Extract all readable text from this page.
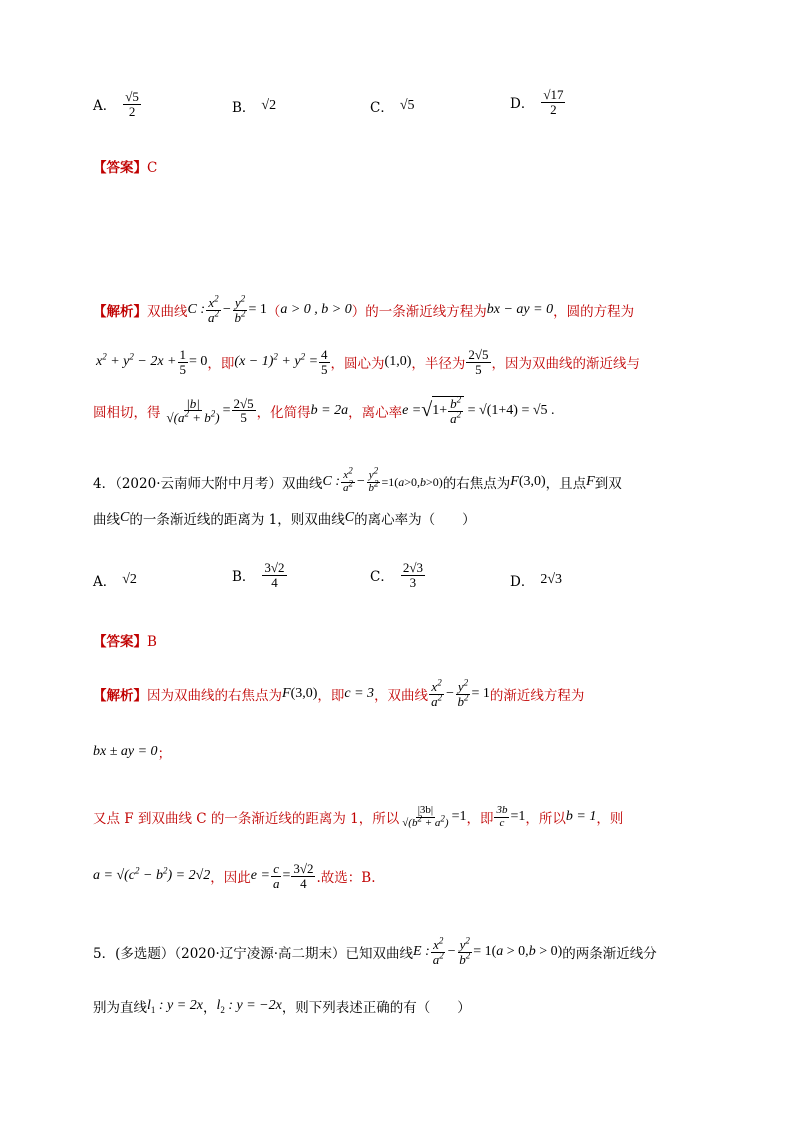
A． $\frac{√5}{2}$	B． √2	C． √5	D． $\frac{√17}{2}$
【答案】C
【解析】 双曲线 C : $\frac{x^2}{a^2} - \frac{y^2}{b^2} = 1$ （ a > 0 , b > 0 ）的一条渐近线方程为 bx − ay = 0 ，圆的方程为
$x^2 + y^2 - 2x + \frac{1}{5} = 0$ ，即 $(x - 1)^2 + y^2 = \frac{4}{5}$ ，圆心为 (1,0) ，半径为 $\frac{2√5}{5}$ ，因为双曲线的渐近线与
圆相切，得 $\frac{|b|}{√(a^2 + b^2)} = \frac{2√5}{5}$ ，化简得 b = 2a ，离心率 e = √ $1+ \frac{b^2}{a^2} = √(1+4) = √5$ .
4．（2020·云南师大附中月考）双曲线 C : $\frac{x^2}{a^2} - \frac{y^2}{b^2} =1(a>0,b>0)$ 的右焦点为 F (3,0) ，且点 F 到双
曲线 C 的一条渐近线的距离为 1，则双曲线 C 的离心率为（　　）
A． √2	B． $\frac{3√2}{4}$	C． $\frac{2√3}{3}$	D． 2√3
【答案】B
【解析】 因为双曲线的右焦点为 F (3,0) ，即 c = 3 ，双曲线 $\frac{x^2}{a^2} - \frac{y^2}{b^2} = 1$ 的渐近线方程为
bx ± ay = 0 ；
又点 F 到双曲线 C 的一条渐近线的距离为 1，所以 $\frac{|3b|}{√(b^2 + a^2)} =1$ ，即 $\frac{3b}{c} =1$ ，所以 b = 1 ，则
$a = √(c^2 - b^2) = 2√2$ ，因此 $e = \frac{c}{a} = \frac{3√2}{4}$ .故选：B.
5．(多选题）（2020·辽宁凌源·高二期末）已知双曲线 E : $\frac{x^2}{a^2} - \frac{y^2}{b^2} = 1(a > 0,b > 0)$ 的两条渐近线分
别为直线 $l_1$ : y = 2x ， $l_2$ : y = −2x ，则下列表述正确的有（　　）
